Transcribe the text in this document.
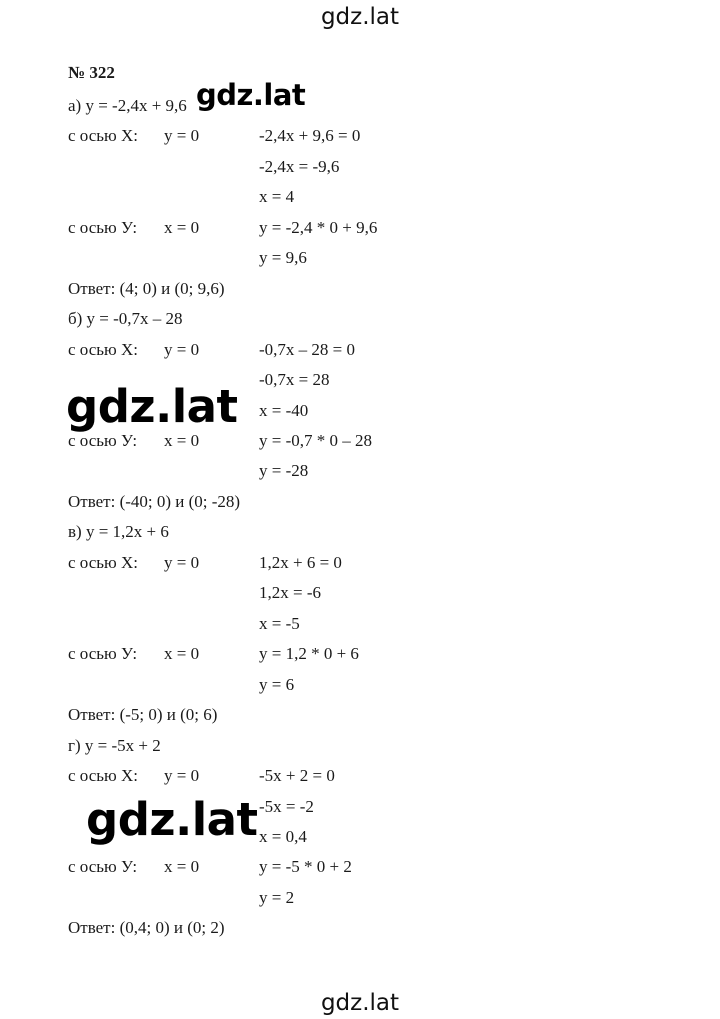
gdz.lat
№ 322
а) у = -2,4x + 9,6
с осью Х: у = 0	-2,4x + 9,6 = 0
-2,4x = -9,6
x = 4
с осью У: x = 0	у = -2,4 * 0 + 9,6
у = 9,6
Ответ: (4; 0) и (0; 9,6)
б) у = -0,7x – 28
с осью Х: у = 0	-0,7x – 28 = 0
-0,7x = 28
x = -40
с осью У: x = 0	у = -0,7 * 0 – 28
у = -28
Ответ: (-40; 0) и (0; -28)
в) у = 1,2x + 6
с осью Х: у = 0	1,2x + 6 = 0
1,2x = -6
x = -5
с осью У: x = 0	у = 1,2 * 0 + 6
у = 6
Ответ: (-5; 0) и (0; 6)
г) у = -5x + 2
с осью Х: у = 0	-5x + 2 = 0
-5x = -2
x = 0,4
с осью У: x = 0	у = -5 * 0 + 2
у = 2
Ответ: (0,4; 0) и (0; 2)
gdz.lat
gdz.lat
gdz.lat
gdz.lat
